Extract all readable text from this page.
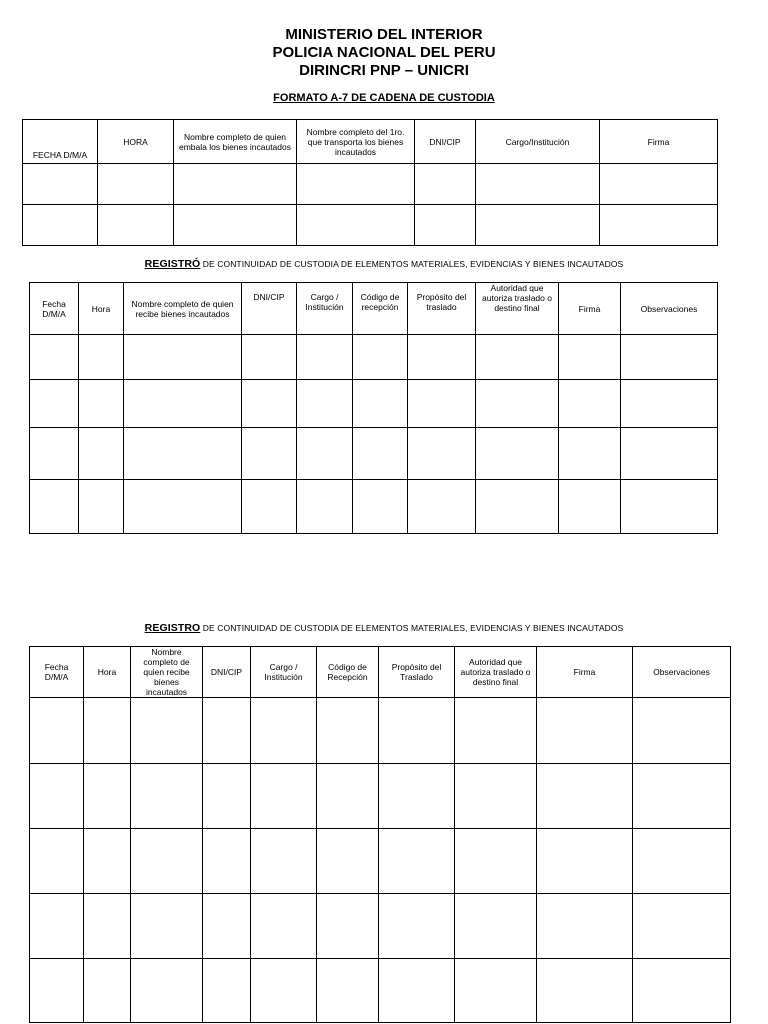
MINISTERIO DEL INTERIOR
POLICIA NACIONAL DEL PERU
DIRINCRI PNP – UNICRI
FORMATO A-7 DE CADENA DE CUSTODIA
FECHA D/M/A	HORA	Nombre completo de quien embala los bienes incautados	Nombre completo del 1ro. que transporta los bienes incautados	DNI/CIP	Cargo/Institución	Firma

REGISTRÓ DE CONTINUIDAD DE CUSTODIA DE ELEMENTOS MATERIALES, EVIDENCIAS Y BIENES INCAUTADOS
Fecha D/M/A	Hora	Nombre completo de quien recibe bienes incautados	DNI/CIP	Cargo / Institución	Código de recepción	Propósito del traslado	Autoridad que autoriza traslado o destino final	Firma	Observaciones

REGISTRO DE CONTINUIDAD DE CUSTODIA DE ELEMENTOS MATERIALES, EVIDENCIAS Y BIENES INCAUTADOS
Fecha D/M/A	Hora	Nombre completo de quien recibe bienes incautados	DNI/CIP	Cargo / Institución	Código de Recepción	Propósito del Traslado	Autoridad que autoriza traslado o destino final	Firma	Observaciones
